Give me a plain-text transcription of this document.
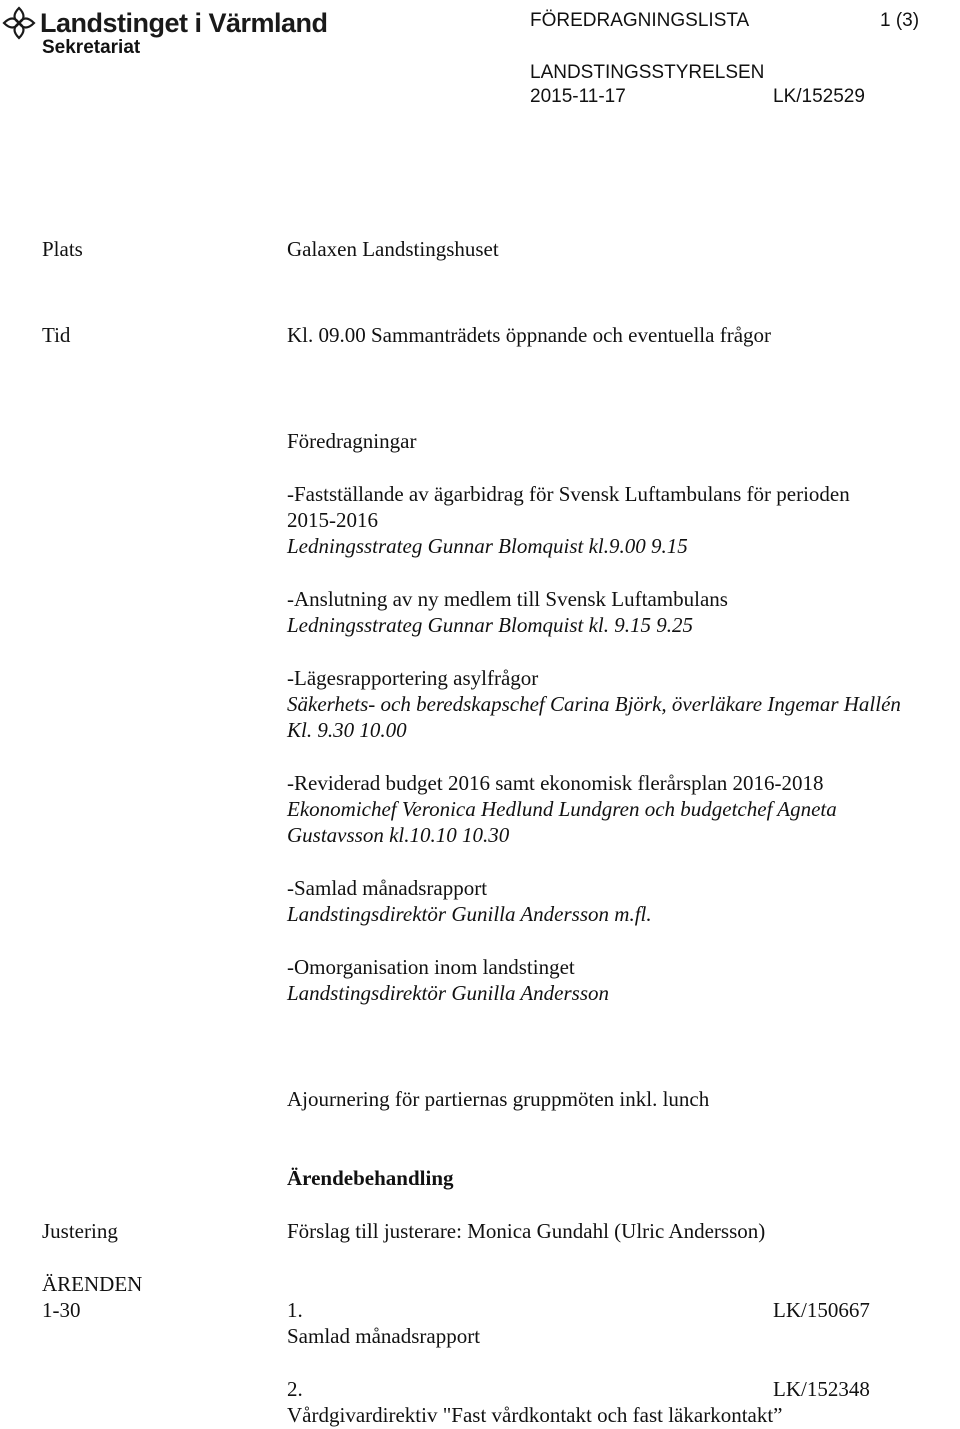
Landstinget i Värmland
Sekretariat
FÖREDRAGNINGSLISTA	1 (3)
LANDSTINGSSTYRELSEN
2015-11-17	LK/152529
Plats	Galaxen Landstingshuset
Tid	Kl. 09.00 Sammanträdets öppnande och eventuella frågor
Föredragningar
-Fastställande av ägarbidrag för Svensk Luftambulans för perioden
2015-2016
Ledningsstrateg Gunnar Blomquist kl.9.00 9.15
-Anslutning av ny medlem till Svensk Luftambulans
Ledningsstrateg Gunnar Blomquist kl. 9.15 9.25
-Lägesrapportering asylfrågor
Säkerhets- och beredskapschef Carina Björk, överläkare Ingemar Hallén
Kl. 9.30 10.00
-Reviderad budget 2016 samt ekonomisk flerårsplan 2016-2018
Ekonomichef Veronica Hedlund Lundgren och budgetchef Agneta
Gustavsson kl.10.10 10.30
-Samlad månadsrapport
Landstingsdirektör Gunilla Andersson m.fl.
-Omorganisation inom landstinget
Landstingsdirektör Gunilla Andersson
Ajournering för partiernas gruppmöten inkl. lunch
Ärendebehandling
Justering	Förslag till justerare: Monica Gundahl (Ulric Andersson)
ÄRENDEN
1-30	1.	LK/150667
Samlad månadsrapport
2.	LK/152348
Vårdgivardirektiv "Fast vårdkontakt och fast läkarkontakt”
